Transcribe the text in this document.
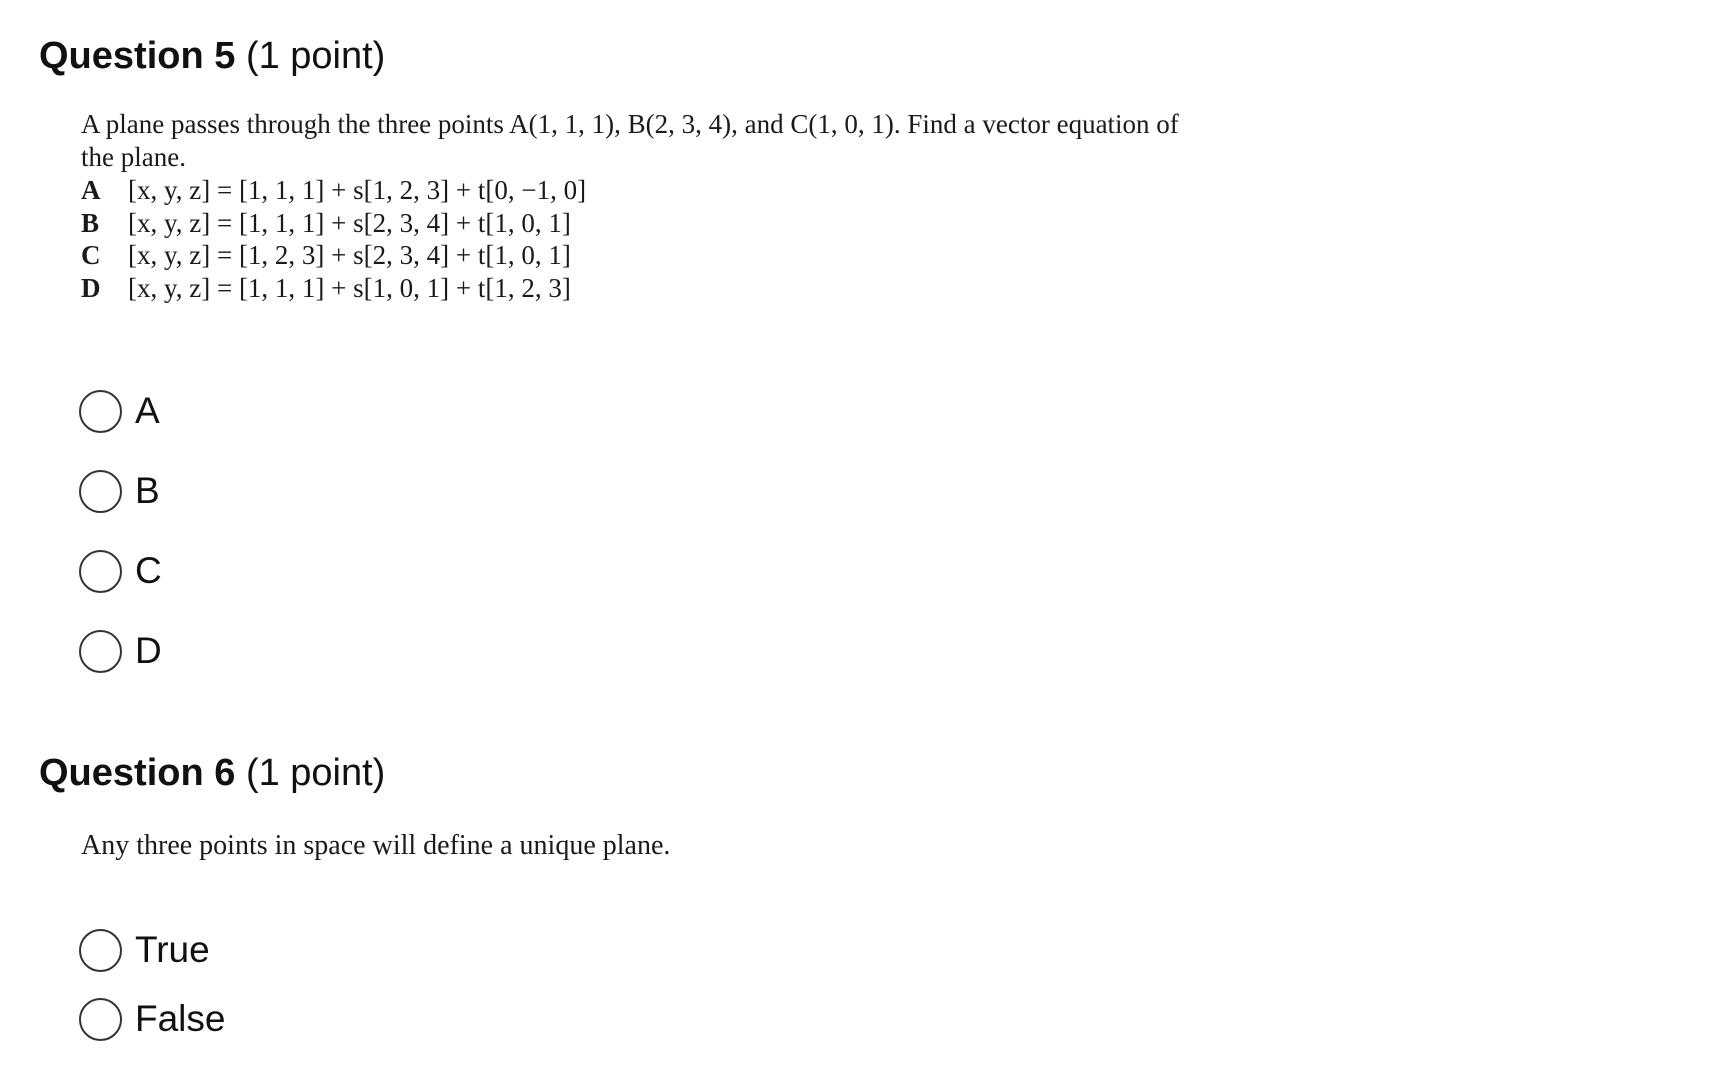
Question 5 (1 point)

A plane passes through the three points A(1, 1, 1), B(2, 3, 4), and C(1, 0, 1). Find a vector equation of

the plane.

A	[x, y, z] = [1, 1, 1] + s[1, 2, 3] + t[0, −1, 0]
B	[x, y, z] = [1, 1, 1] + s[2, 3, 4] + t[1, 0, 1]
C	[x, y, z] = [1, 2, 3] + s[2, 3, 4] + t[1, 0, 1]
D	[x, y, z] = [1, 1, 1] + s[1, 0, 1] + t[1, 2, 3]
A
B
C
D
Question 6 (1 point)
Any three points in space will define a unique plane.
True
False
